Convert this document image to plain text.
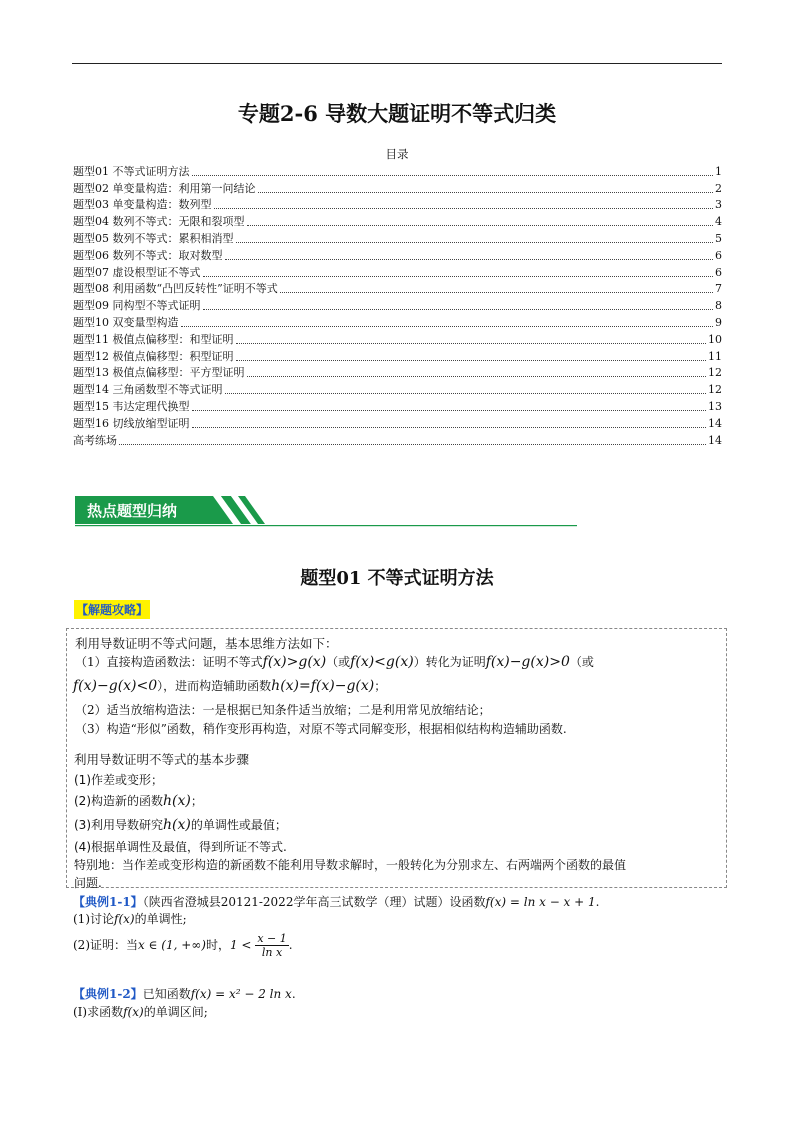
专题2-6 导数大题证明不等式归类
目录
题型01 不等式证明方法	1
题型02 单变量构造：利用第一问结论	2
题型03 单变量构造：数列型	3
题型04 数列不等式：无限和裂项型	4
题型05 数列不等式：累积相消型	5
题型06 数列不等式：取对数型	6
题型07 虚设根型证不等式	6
题型08 利用函数“凸凹反转性”证明不等式	7
题型09 同构型不等式证明	8
题型10 双变量型构造	9
题型11 极值点偏移型：和型证明	10
题型12 极值点偏移型：积型证明	11
题型13 极值点偏移型：平方型证明	12
题型14 三角函数型不等式证明	12
题型15 韦达定理代换型	13
题型16 切线放缩型证明	14
高考练场	14
热点题型归纳
题型01 不等式证明方法
【解题攻略】
利用导数证明不等式问题，基本思维方法如下：
（1）直接构造函数法：证明不等式f(x)>g(x)（或f(x)<g(x)）转化为证明f(x)−g(x)>0（或
f(x)−g(x)<0），进而构造辅助函数h(x)=f(x)−g(x)；
（2）适当放缩构造法：一是根据已知条件适当放缩；二是利用常见放缩结论；
（3）构造“形似”函数，稍作变形再构造，对原不等式同解变形，根据相似结构构造辅助函数.
利用导数证明不等式的基本步骤
(1)作差或变形；
(2)构造新的函数h(x)；
(3)利用导数研究h(x)的单调性或最值；
(4)根据单调性及最值，得到所证不等式.
特别地：当作差或变形构造的新函数不能利用导数求解时，一般转化为分别求左、右两端两个函数的最值
问题.
【典例1-1】（陕西省澄城县20121-2022学年高三试数学（理）试题）设函数f(x) = ln x − x + 1.
(1)讨论f(x)的单调性;
(2)证明：当x ∈ (1, +∞)时，$1 < \frac{x - 1}{\text{ln x}}$ .
【典例1-2】已知函数f(x) = x² − 2 ln x.
(I)求函数f(x)的单调区间;
